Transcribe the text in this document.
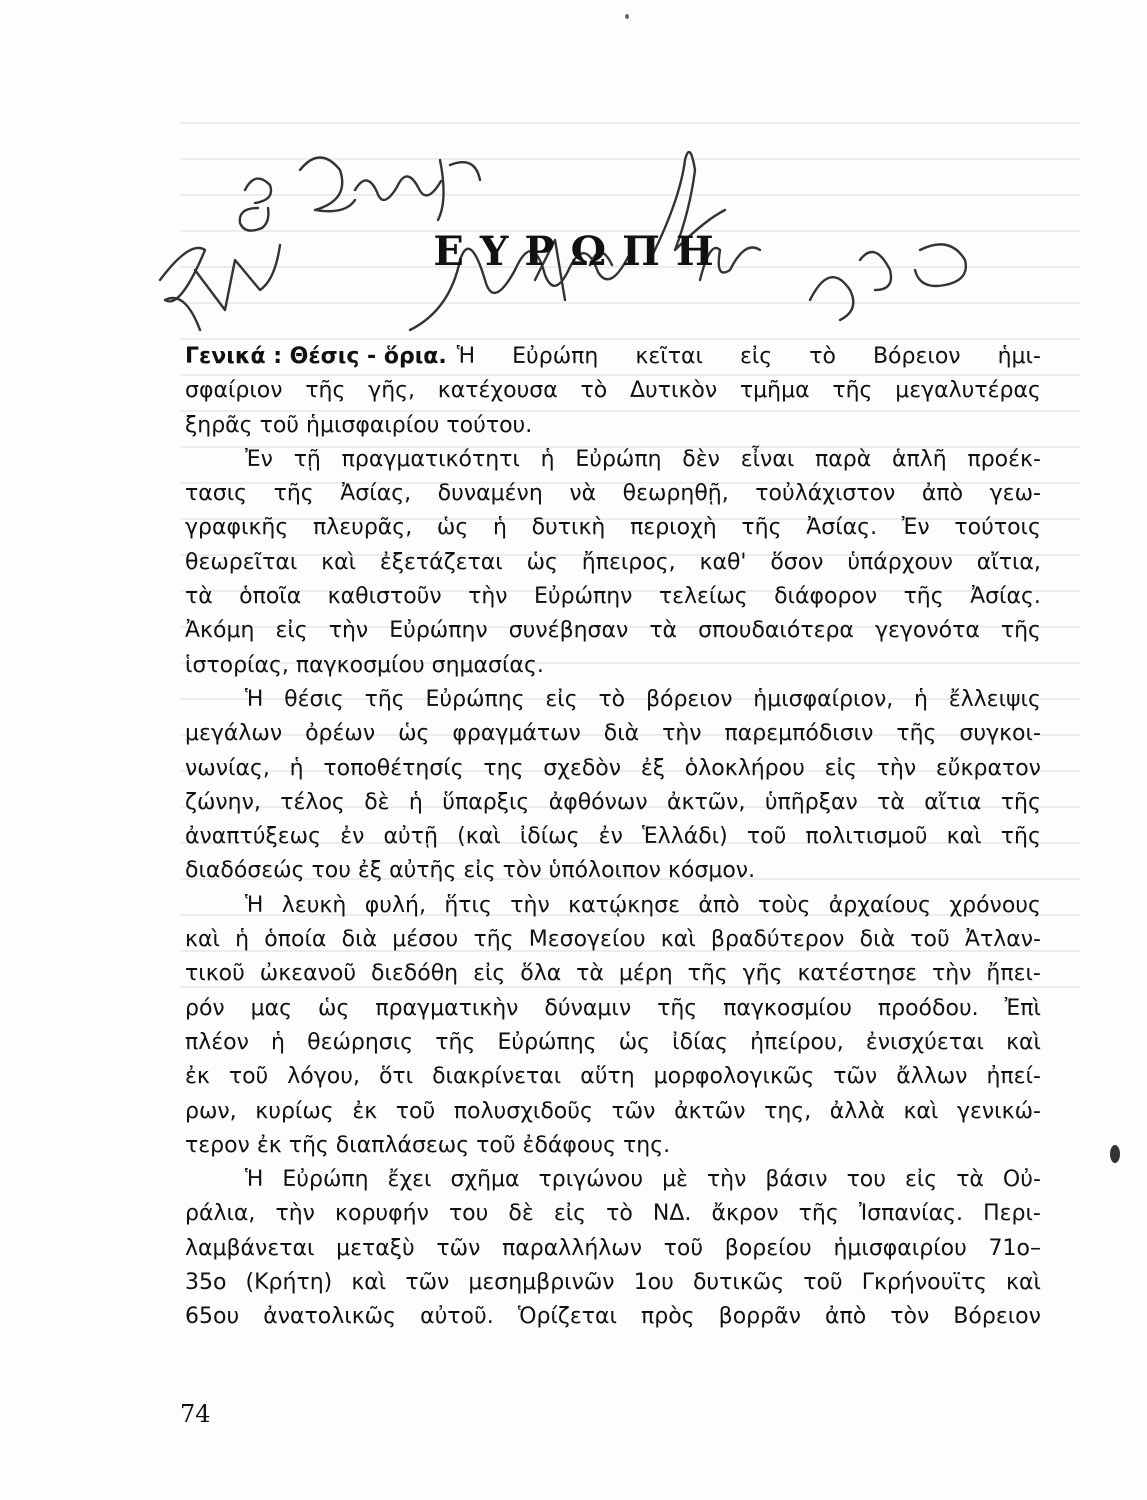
ΕΥΡΩΠΗ
Γενικά : Θέσις - ὅρια. Ἡ Εὐρώπη κεῖται εἰς τὸ Βόρειον ἡμι-
σφαίριον τῆς γῆς, κατέχουσα τὸ Δυτικὸν τμῆμα τῆς μεγαλυτέρας
ξηρᾶς τοῦ ἡμισφαιρίου τούτου.
Ἐν τῇ πραγματικότητι ἡ Εὐρώπη δὲν εἶναι παρὰ ἁπλῆ προέκ-
τασις τῆς Ἀσίας, δυναμένη νὰ θεωρηθῇ, τοὐλάχιστον ἀπὸ γεω-
γραφικῆς πλευρᾶς, ὡς ἡ δυτικὴ περιοχὴ τῆς Ἀσίας. Ἐν τούτοις
θεωρεῖται καὶ ἐξετάζεται ὡς ἤπειρος, καθ' ὅσον ὑπάρχουν αἴτια,
τὰ ὁποῖα καθιστοῦν τὴν Εὐρώπην τελείως διάφορον τῆς Ἀσίας.
Ἀκόμη εἰς τὴν Εὐρώπην συνέβησαν τὰ σπουδαιότερα γεγονότα τῆς
ἱστορίας, παγκοσμίου σημασίας.
Ἡ θέσις τῆς Εὐρώπης εἰς τὸ βόρειον ἡμισφαίριον, ἡ ἔλλειψις
μεγάλων ὀρέων ὡς φραγμάτων διὰ τὴν παρεμπόδισιν τῆς συγκοι-
νωνίας, ἡ τοποθέτησίς της σχεδὸν ἐξ ὁλοκλήρου εἰς τὴν εὔκρατον
ζώνην, τέλος δὲ ἡ ὕπαρξις ἀφθόνων ἀκτῶν, ὑπῆρξαν τὰ αἴτια τῆς
ἀναπτύξεως ἐν αὐτῇ (καὶ ἰδίως ἐν Ἑλλάδι) τοῦ πολιτισμοῦ καὶ τῆς
διαδόσεώς του ἐξ αὐτῆς εἰς τὸν ὑπόλοιπον κόσμον.
Ἡ λευκὴ φυλή, ἥτις τὴν κατῴκησε ἀπὸ τοὺς ἀρχαίους χρόνους
καὶ ἡ ὁποία διὰ μέσου τῆς Μεσογείου καὶ βραδύτερον διὰ τοῦ Ἀτλαν-
τικοῦ ὠκεανοῦ διεδόθη εἰς ὅλα τὰ μέρη τῆς γῆς κατέστησε τὴν ἤπει-
ρόν μας ὡς πραγματικὴν δύναμιν τῆς παγκοσμίου προόδου. Ἐπὶ
πλέον ἡ θεώρησις τῆς Εὐρώπης ὡς ἰδίας ἠπείρου, ἐνισχύεται καὶ
ἐκ τοῦ λόγου, ὅτι διακρίνεται αὕτη μορφολογικῶς τῶν ἄλλων ἠπεί-
ρων, κυρίως ἐκ τοῦ πολυσχιδοῦς τῶν ἀκτῶν της, ἀλλὰ καὶ γενικώ-
τερον ἐκ τῆς διαπλάσεως τοῦ ἐδάφους της.
Ἡ Εὐρώπη ἔχει σχῆμα τριγώνου μὲ τὴν βάσιν του εἰς τὰ Οὐ-
ράλια, τὴν κορυφήν του δὲ εἰς τὸ ΝΔ. ἄκρον τῆς Ἰσπανίας. Περι-
λαμβάνεται μεταξὺ τῶν παραλλήλων τοῦ βορείου ἡμισφαιρίου 71ο–
35ο (Κρήτη) καὶ τῶν μεσημβρινῶν 1ου δυτικῶς τοῦ Γκρήνουϊτς καὶ
65ου ἀνατολικῶς αὐτοῦ. Ὁρίζεται πρὸς βορρᾶν ἀπὸ τὸν Βόρειον
74
